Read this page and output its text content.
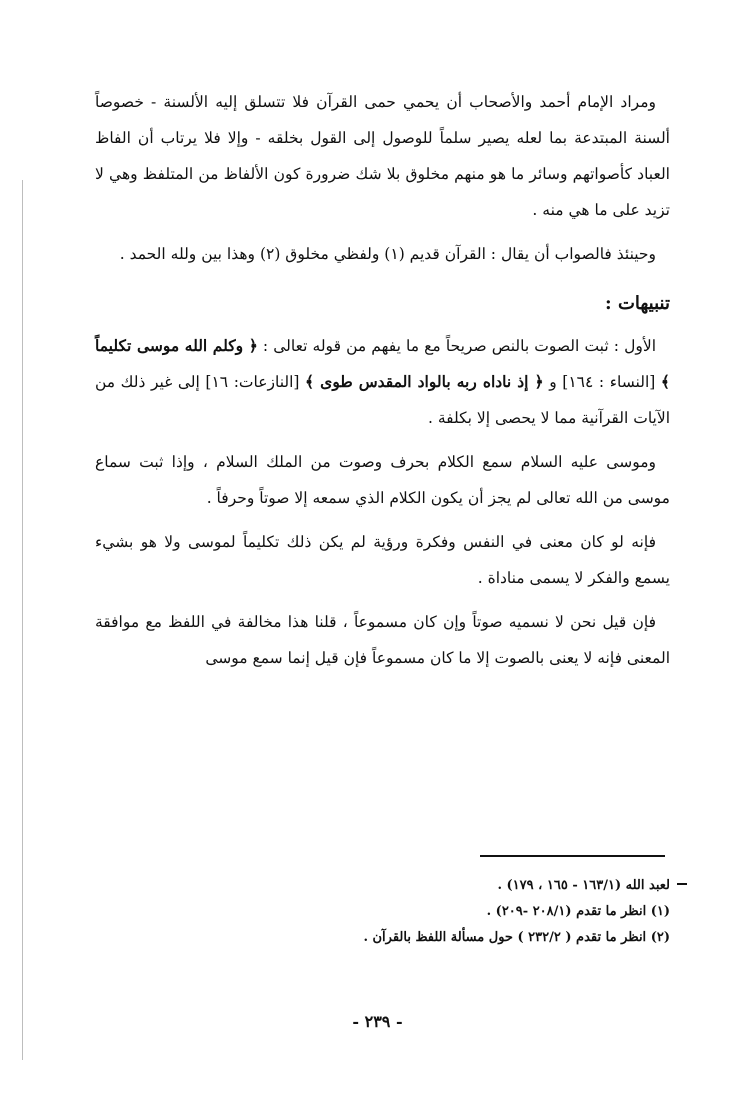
ومراد الإمام أحمد والأصحاب أن يحمي حمى القرآن فلا تتسلق إليه الألسنة - خصوصاً ألسنة المبتدعة بما لعله يصير سلماً للوصول إلى القول بخلقه - وإلا فلا يرتاب أن الفاظ العباد كأصواتهم وسائر ما هو منهم مخلوق بلا شك ضرورة كون الألفاظ من المتلفظ وهي لا تزيد على ما هي منه .

وحينئذ فالصواب أن يقال : القرآن قديم (١) ولفظي مخلوق (٢) وهذا بين ولله الحمد .

تنبيهات :

الأول : ثبت الصوت بالنص صريحاً مع ما يفهم من قوله تعالى : ﴿ وكلم الله موسى تكليماً ﴾ [النساء : ١٦٤] و ﴿ إذ ناداه ربه بالواد المقدس طوى ﴾ [النازعات: ١٦] إلى غير ذلك من الآيات القرآنية مما لا يحصى إلا بكلفة .

وموسى عليه السلام سمع الكلام بحرف وصوت من الملك السلام ، وإذا ثبت سماع موسى من الله تعالى لم يجز أن يكون الكلام الذي سمعه إلا صوتاً وحرفاً .

فإنه لو كان معنى في النفس وفكرة ورؤية لم يكن ذلك تكليماً لموسى ولا هو بشيء يسمع والفكر لا يسمى مناداة .

فإن قيل نحن لا نسميه صوتاً وإن كان مسموعاً ، قلنا هذا مخالفة في اللفظ مع موافقة المعنى فإنه لا يعنى بالصوت إلا ما كان مسموعاً فإن قيل إنما سمع موسى

لعبد الله (١٦٣/١ - ١٦٥ ، ١٧٩) .

(١) انظر ما تقدم (٢٠٨/١ -٢٠٩) .

(٢) انظر ما تقدم ( ٢٣٢/٢ ) حول مسألة اللفظ بالقرآن .

- ٢٣٩ -
